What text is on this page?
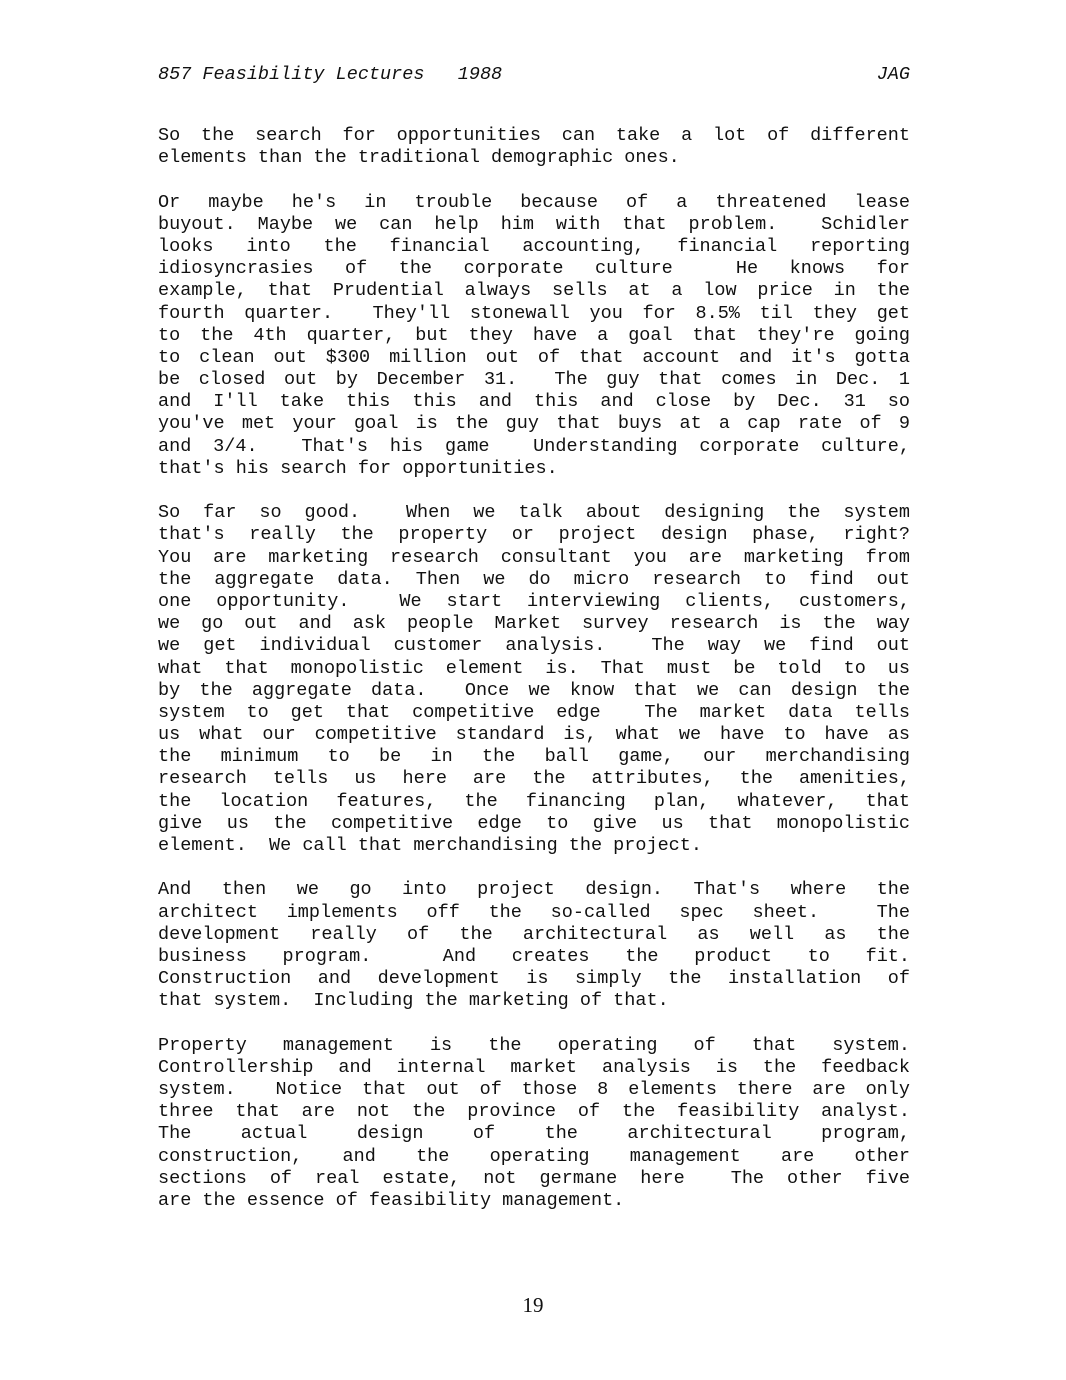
857 Feasibility Lectures   1988	JAG
So the search for opportunities can take a lot of different
elements than the traditional demographic ones.
Or maybe he's in trouble because of a threatened lease
buyout. Maybe we can help him with that problem.  Schidler
looks into the financial accounting, financial reporting
idiosyncrasies of the corporate culture  He knows for
example, that Prudential always sells at a low price in the
fourth quarter.  They'll stonewall you for 8.5% til they get
to the 4th quarter, but they have a goal that they're going
to clean out $300 million out of that account and it's gotta
be closed out by December 31.  The guy that comes in Dec. 1
and I'll take this this and this and close by Dec. 31 so
you've met your goal is the guy that buys at a cap rate of 9
and 3/4.  That's his game  Understanding corporate culture,
that's his search for opportunities.
So far so good.  When we talk about designing the system
that's really the property or project design phase, right?
You are marketing research consultant you are marketing from
the aggregate data. Then we do micro research to find out
one opportunity.  We start interviewing clients, customers,
we go out and ask people Market survey research is the way
we get individual customer analysis.  The way we find out
what that monopolistic element is. That must be told to us
by the aggregate data.  Once we know that we can design the
system to get that competitive edge  The market data tells
us what our competitive standard is, what we have to have as
the minimum to be in the ball game, our merchandising
research tells us here are the attributes, the amenities,
the location features, the financing plan, whatever, that
give us the competitive edge to give us that monopolistic
element.  We call that merchandising the project.
And then we go into project design. That's where the
architect implements off the so-called spec sheet.  The
development really of the architectural as well as the
business program.  And creates the product to fit.
Construction and development is simply the installation of
that system.  Including the marketing of that.
Property management is the operating of that system.
Controllership and internal market analysis is the feedback
system.  Notice that out of those 8 elements there are only
three that are not the province of the feasibility analyst.
The actual design of the architectural program,
construction, and the operating management are other
sections of real estate, not germane here  The other five
are the essence of feasibility management.
19
